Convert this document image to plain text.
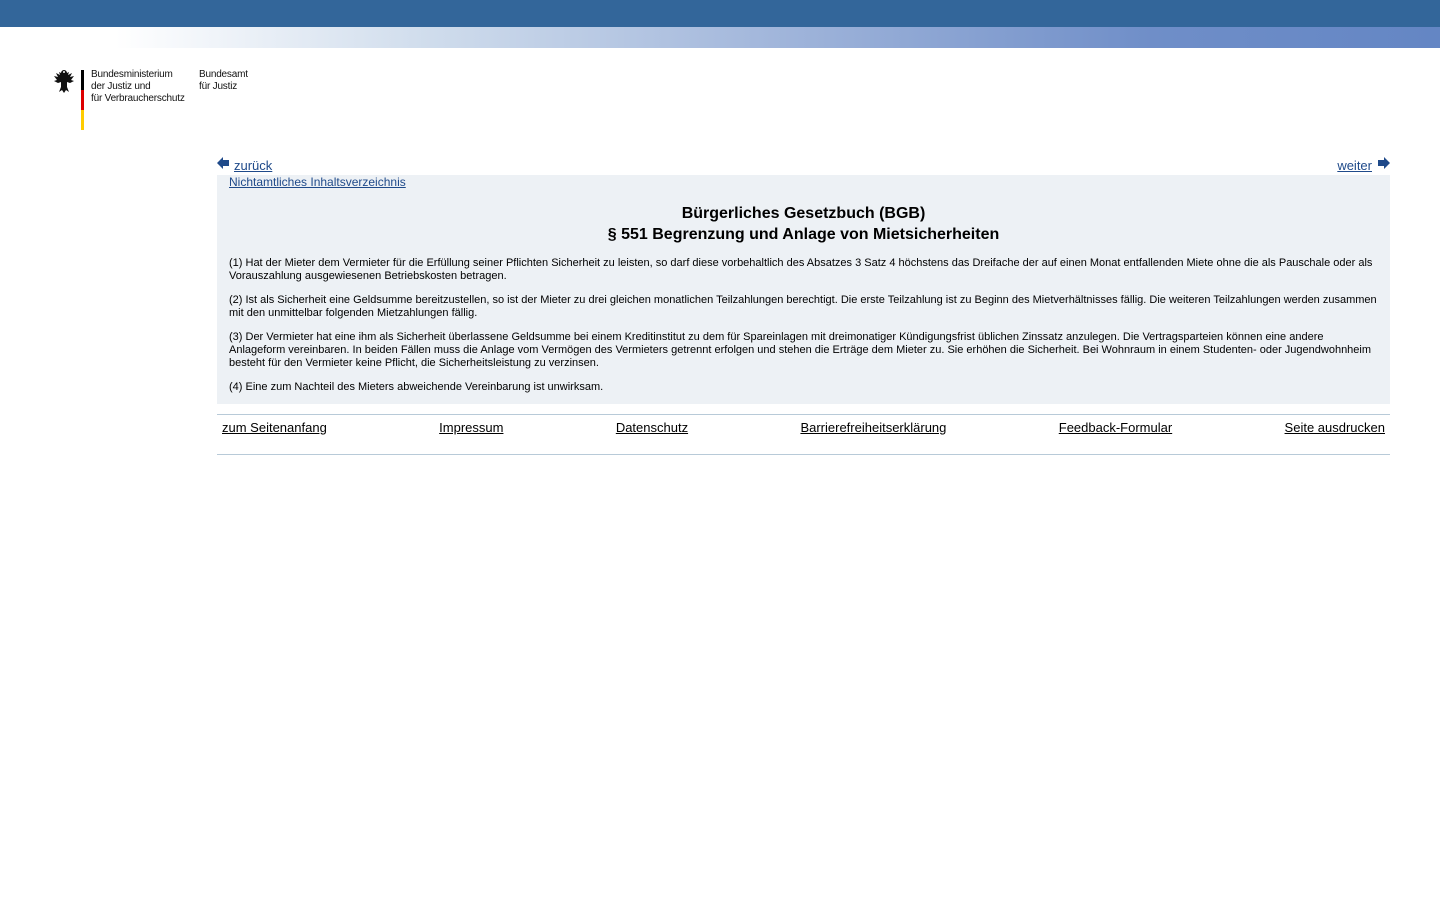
Bundesministerium
der Justiz und
für Verbraucherschutz
Bundesamt
für Justiz
zurück	weiter
Nichtamtliches Inhaltsverzeichnis
Bürgerliches Gesetzbuch (BGB)
§ 551 Begrenzung und Anlage von Mietsicherheiten

(1) Hat der Mieter dem Vermieter für die Erfüllung seiner Pflichten Sicherheit zu leisten, so darf diese vorbehaltlich des Absatzes 3 Satz 4 höchstens das Dreifache der auf einen Monat entfallenden Miete ohne die als Pauschale oder als Vorauszahlung ausgewiesenen Betriebskosten betragen.

(2) Ist als Sicherheit eine Geldsumme bereitzustellen, so ist der Mieter zu drei gleichen monatlichen Teilzahlungen berechtigt. Die erste Teilzahlung ist zu Beginn des Mietverhältnisses fällig. Die weiteren Teilzahlungen werden zusammen mit den unmittelbar folgenden Mietzahlungen fällig.

(3) Der Vermieter hat eine ihm als Sicherheit überlassene Geldsumme bei einem Kreditinstitut zu dem für Spareinlagen mit dreimonatiger Kündigungsfrist üblichen Zinssatz anzulegen. Die Vertragsparteien können eine andere Anlageform vereinbaren. In beiden Fällen muss die Anlage vom Vermögen des Vermieters getrennt erfolgen und stehen die Erträge dem Mieter zu. Sie erhöhen die Sicherheit. Bei Wohnraum in einem Studenten- oder Jugendwohnheim besteht für den Vermieter keine Pflicht, die Sicherheitsleistung zu verzinsen.

(4) Eine zum Nachteil des Mieters abweichende Vereinbarung ist unwirksam.

zum Seitenanfang	Impressum	Datenschutz	Barrierefreiheitserklärung	Feedback-Formular	Seite ausdrucken
